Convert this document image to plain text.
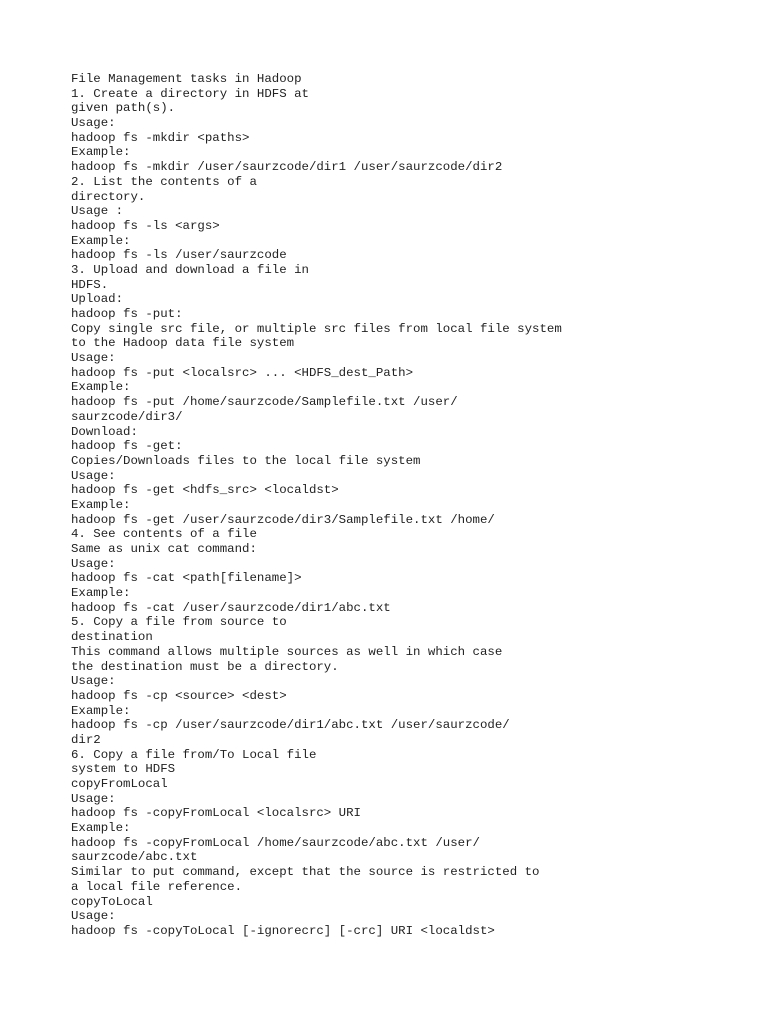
File Management tasks in Hadoop
1. Create a directory in HDFS at
given path(s).
Usage:
hadoop fs -mkdir <paths>
Example:
hadoop fs -mkdir /user/saurzcode/dir1 /user/saurzcode/dir2
2. List the contents of a
directory.
Usage :
hadoop fs -ls <args>
Example:
hadoop fs -ls /user/saurzcode
3. Upload and download a file in
HDFS.
Upload:
hadoop fs -put:
Copy single src file, or multiple src files from local file system
to the Hadoop data file system
Usage:
hadoop fs -put <localsrc> ... <HDFS_dest_Path>
Example:
hadoop fs -put /home/saurzcode/Samplefile.txt /user/
saurzcode/dir3/
Download:
hadoop fs -get:
Copies/Downloads files to the local file system
Usage:
hadoop fs -get <hdfs_src> <localdst>
Example:
hadoop fs -get /user/saurzcode/dir3/Samplefile.txt /home/
4. See contents of a file
Same as unix cat command:
Usage:
hadoop fs -cat <path[filename]>
Example:
hadoop fs -cat /user/saurzcode/dir1/abc.txt
5. Copy a file from source to
destination
This command allows multiple sources as well in which case
the destination must be a directory.
Usage:
hadoop fs -cp <source> <dest>
Example:
hadoop fs -cp /user/saurzcode/dir1/abc.txt /user/saurzcode/
dir2
6. Copy a file from/To Local file
system to HDFS
copyFromLocal
Usage:
hadoop fs -copyFromLocal <localsrc> URI
Example:
hadoop fs -copyFromLocal /home/saurzcode/abc.txt /user/
saurzcode/abc.txt
Similar to put command, except that the source is restricted to
a local file reference.
copyToLocal
Usage:
hadoop fs -copyToLocal [-ignorecrc] [-crc] URI <localdst>
